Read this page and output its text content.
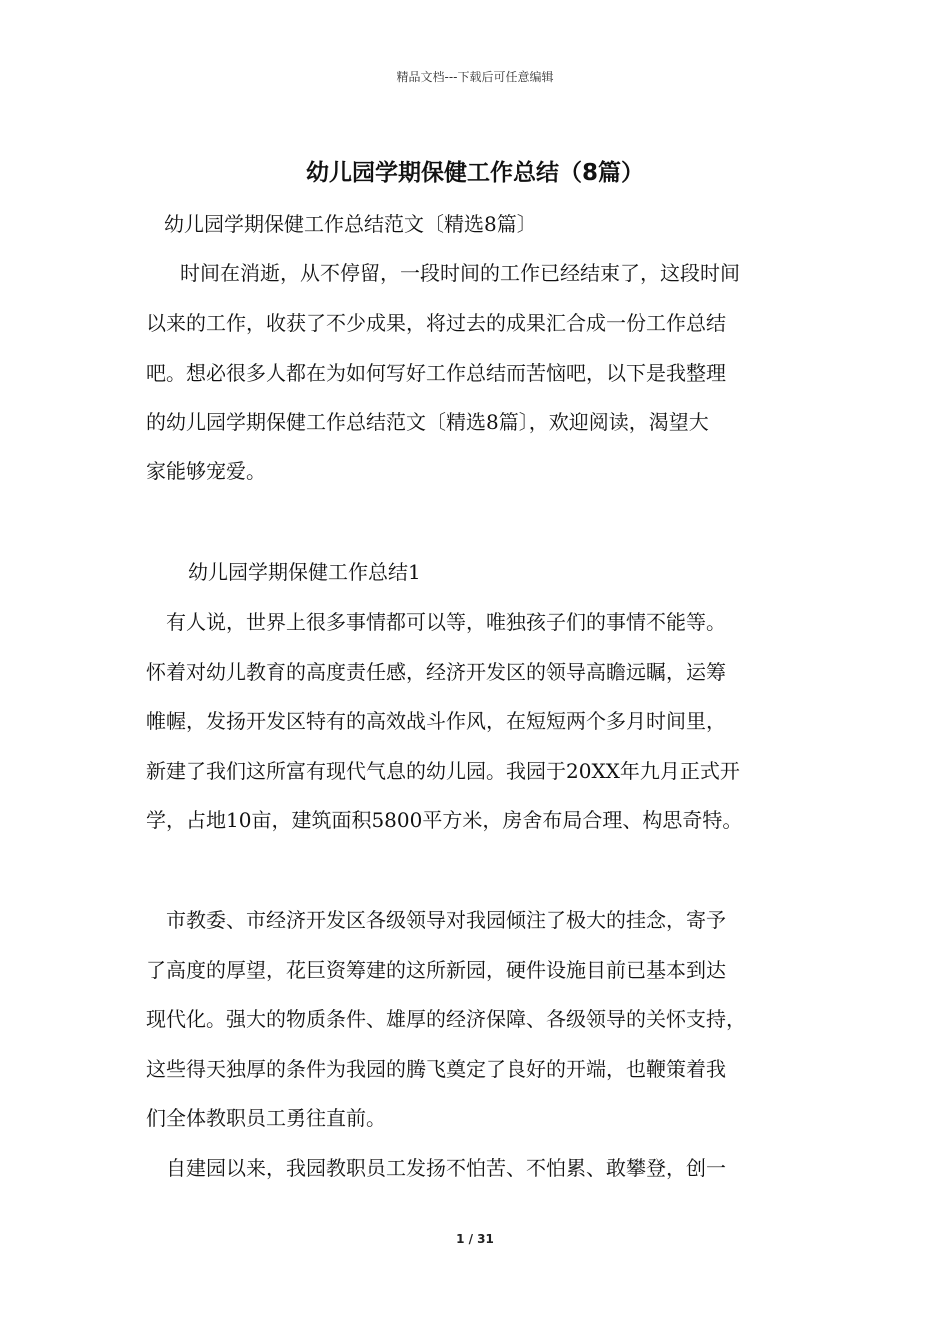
精品文档---下载后可任意编辑
幼儿园学期保健工作总结（8篇）
幼儿园学期保健工作总结范文〔精选8篇〕
时间在消逝，从不停留，一段时间的工作已经结束了，这段时间
以来的工作，收获了不少成果，将过去的成果汇合成一份工作总结
吧。想必很多人都在为如何写好工作总结而苦恼吧，以下是我整理
的幼儿园学期保健工作总结范文〔精选8篇〕，欢迎阅读，渴望大
家能够宠爱。
幼儿园学期保健工作总结1
有人说，世界上很多事情都可以等，唯独孩子们的事情不能等。
怀着对幼儿教育的高度责任感，经济开发区的领导高瞻远瞩，运筹
帷幄，发扬开发区特有的高效战斗作风，在短短两个多月时间里，
新建了我们这所富有现代气息的幼儿园。我园于20XX年九月正式开
学，占地10亩，建筑面积5800平方米，房舍布局合理、构思奇特。
市教委、市经济开发区各级领导对我园倾注了极大的挂念，寄予
了高度的厚望，花巨资筹建的这所新园，硬件设施目前已基本到达
现代化。强大的物质条件、雄厚的经济保障、各级领导的关怀支持，
这些得天独厚的条件为我园的腾飞奠定了良好的开端，也鞭策着我
们全体教职员工勇往直前。
自建园以来，我园教职员工发扬不怕苦、不怕累、敢攀登，创一
1 / 31
